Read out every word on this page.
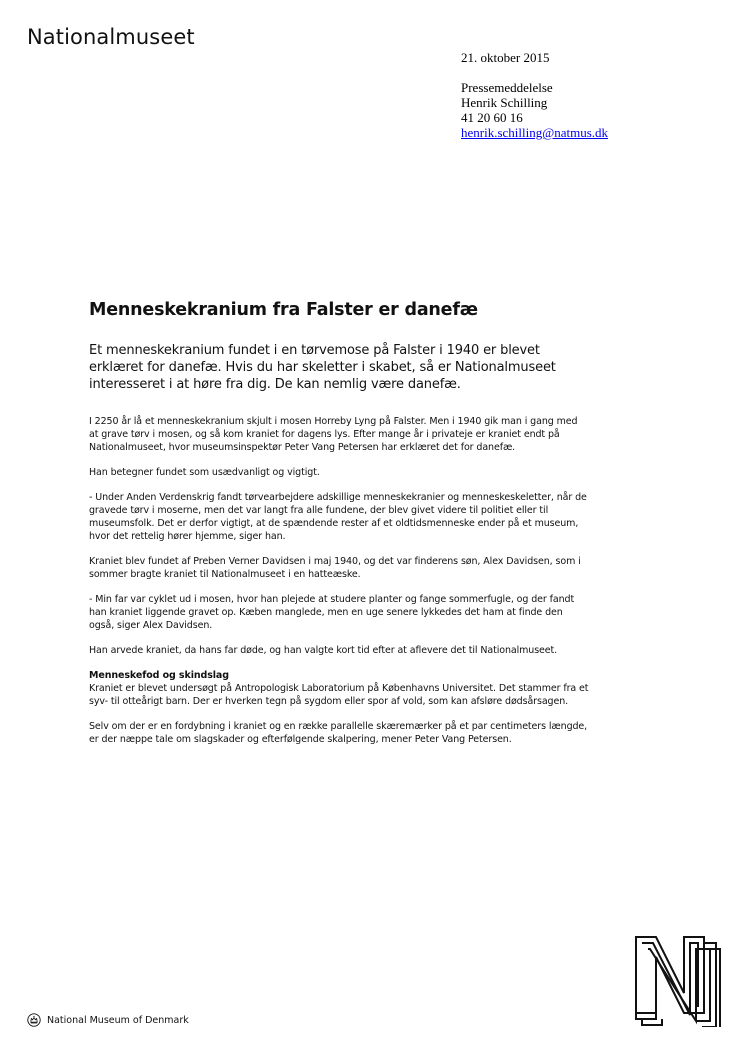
Nationalmuseet
21. oktober 2015
Pressemeddelelse
Henrik Schilling
41 20 60 16
henrik.schilling@natmus.dk
Menneskekranium fra Falster er danefæ

Et menneskekranium fundet i en tørvemose på Falster i 1940 er blevet erklæret for danefæ. Hvis du har skeletter i skabet, så er Nationalmuseet interesseret i at høre fra dig. De kan nemlig være danefæ.

I 2250 år lå et menneskekranium skjult i mosen Horreby Lyng på Falster. Men i 1940 gik man i gang med at grave tørv i mosen, og så kom kraniet for dagens lys. Efter mange år i privateje er kraniet endt på Nationalmuseet, hvor museumsinspektør Peter Vang Petersen har erklæret det for danefæ.

Han betegner fundet som usædvanligt og vigtigt.

- Under Anden Verdenskrig fandt tørvearbejdere adskillige menneskekranier og menneskeskeletter, når de gravede tørv i moserne, men det var langt fra alle fundene, der blev givet videre til politiet eller til museumsfolk. Det er derfor vigtigt, at de spændende rester af et oldtidsmenneske ender på et museum, hvor det rettelig hører hjemme, siger han.

Kraniet blev fundet af Preben Verner Davidsen i maj 1940, og det var finderens søn, Alex Davidsen, som i sommer bragte kraniet til Nationalmuseet i en hatteæske.

- Min far var cyklet ud i mosen, hvor han plejede at studere planter og fange sommerfugle, og der fandt han kraniet liggende gravet op. Kæben manglede, men en uge senere lykkedes det ham at finde den også, siger Alex Davidsen.

Han arvede kraniet, da hans far døde, og han valgte kort tid efter at aflevere det til Nationalmuseet.

Menneskefod og skindslag

Kraniet er blevet undersøgt på Antropologisk Laboratorium på Københavns Universitet. Det stammer fra et syv- til otteårigt barn. Der er hverken tegn på sygdom eller spor af vold, som kan afsløre dødsårsagen.

Selv om der er en fordybning i kraniet og en række parallelle skæremærker på et par centimeters længde, er der næppe tale om slagskader og efterfølgende skalpering, mener Peter Vang Petersen.

National Museum of Denmark
